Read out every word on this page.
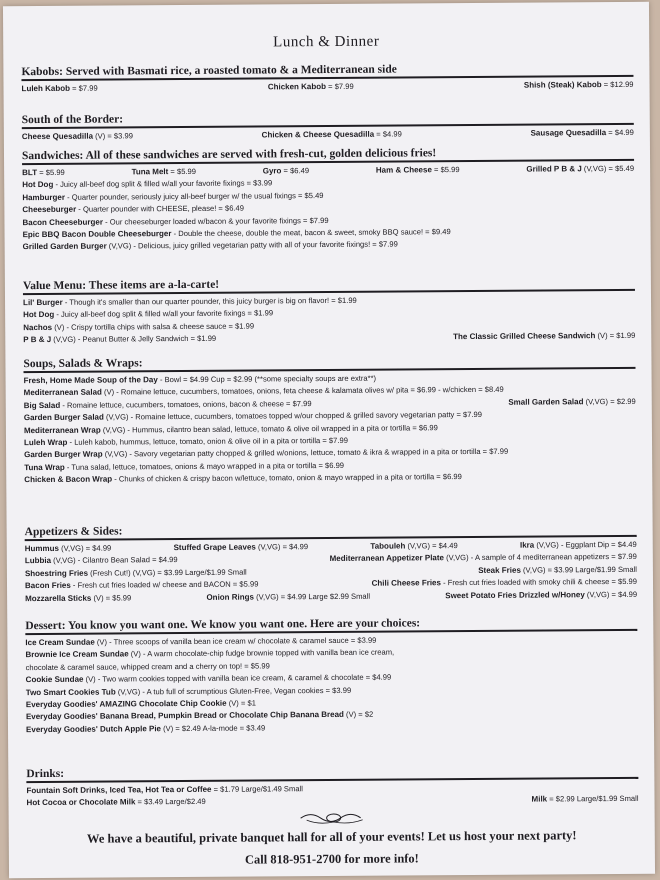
Lunch & Dinner
Kabobs: Served with Basmati rice, a roasted tomato & a Mediterranean side
Luleh Kabob = $7.99	Chicken Kabob = $7.99	Shish (Steak) Kabob = $12.99
South of the Border:
Cheese Quesadilla (V) = $3.99	Chicken & Cheese Quesadilla = $4.99	Sausage Quesadilla = $4.99
Sandwiches: All of these sandwiches are served with fresh-cut, golden delicious fries!
BLT = $5.99	Tuna Melt = $5.99	Gyro = $6.49	Ham & Cheese = $5.99	Grilled P B & J (V,VG) = $5.49
Hot Dog - Juicy all-beef dog split & filled w/all your favorite fixings = $3.99
Hamburger - Quarter pounder, seriously juicy all-beef burger w/ the usual fixings = $5.49
Cheeseburger - Quarter pounder with CHEESE, please! = $6.49
Bacon Cheeseburger - Our cheeseburger loaded w/bacon & your favorite fixings = $7.99
Epic BBQ Bacon Double Cheeseburger - Double the cheese, double the meat, bacon & sweet, smoky BBQ sauce! = $9.49
Grilled Garden Burger (V,VG) - Delicious, juicy grilled vegetarian patty with all of your favorite fixings! = $7.99
Value Menu: These items are a-la-carte!
Lil' Burger - Though it's smaller than our quarter pounder, this juicy burger is big on flavor! = $1.99
Hot Dog - Juicy all-beef dog split & filled w/all your favorite fixings = $1.99
Nachos (V) - Crispy tortilla chips with salsa & cheese sauce = $1.99
P B & J (V,VG) - Peanut Butter & Jelly Sandwich = $1.99	The Classic Grilled Cheese Sandwich (V) = $1.99
Soups, Salads & Wraps:
Fresh, Home Made Soup of the Day - Bowl = $4.99 Cup = $2.99 (**some specialty soups are extra**)
Mediterranean Salad (V) - Romaine lettuce, cucumbers, tomatoes, onions, feta cheese & kalamata olives w/ pita = $6.99 - w/chicken = $8.49
Big Salad - Romaine lettuce, cucumbers, tomatoes, onions, bacon & cheese = $7.99	Small Garden Salad (V,VG) = $2.99
Garden Burger Salad (V,VG) - Romaine lettuce, cucumbers, tomatoes topped w/our chopped & grilled savory vegetarian patty = $7.99
Mediterranean Wrap (V,VG) - Hummus, cilantro bean salad, lettuce, tomato & olive oil wrapped in a pita or tortilla = $6.99
Luleh Wrap - Luleh kabob, hummus, lettuce, tomato, onion & olive oil in a pita or tortilla = $7.99
Garden Burger Wrap (V,VG) - Savory vegetarian patty chopped & grilled w/onions, lettuce, tomato & ikra & wrapped in a pita or tortilla = $7.99
Tuna Wrap - Tuna salad, lettuce, tomatoes, onions & mayo wrapped in a pita or tortilla = $6.99
Chicken & Bacon Wrap - Chunks of chicken & crispy bacon w/lettuce, tomato, onion & mayo wrapped in a pita or tortilla = $6.99
Appetizers & Sides:
Hummus (V,VG) = $4.99	Stuffed Grape Leaves (V,VG) = $4.99	Tabouleh (V,VG) = $4.49	Ikra (V,VG) - Eggplant Dip = $4.49
Lubbia (V,VG) - Cilantro Bean Salad = $4.99	Mediterranean Appetizer Plate (V,VG) - A sample of 4 mediterranean appetizers = $7.99
Shoestring Fries (Fresh Cut!) (V,VG) = $3.99 Large/$1.99 Small	Steak Fries (V,VG) = $3.99 Large/$1.99 Small
Bacon Fries - Fresh cut fries loaded w/ cheese and BACON = $5.99	Chili Cheese Fries - Fresh cut fries loaded with smoky chili & cheese = $5.99
Mozzarella Sticks (V) = $5.99	Onion Rings (V,VG) = $4.99 Large $2.99 Small	Sweet Potato Fries Drizzled w/Honey (V,VG) = $4.99
Dessert: You know you want one. We know you want one. Here are your choices:
Ice Cream Sundae (V) - Three scoops of vanilla bean ice cream w/ chocolate & caramel sauce = $3.99
Brownie Ice Cream Sundae (V) - A warm chocolate-chip fudge brownie topped with vanilla bean ice cream,
chocolate & caramel sauce, whipped cream and a cherry on top! = $5.99
Cookie Sundae (V) - Two warm cookies topped with vanilla bean ice cream, & caramel & chocolate = $4.99
Two Smart Cookies Tub (V,VG) - A tub full of scrumptious Gluten-Free, Vegan cookies = $3.99
Everyday Goodies' AMAZING Chocolate Chip Cookie (V) = $1
Everyday Goodies' Banana Bread, Pumpkin Bread or Chocolate Chip Banana Bread (V) = $2
Everyday Goodies' Dutch Apple Pie (V) = $2.49 A-la-mode = $3.49
Drinks:
Fountain Soft Drinks, Iced Tea, Hot Tea or Coffee = $1.79 Large/$1.49 Small
Hot Cocoa or Chocolate Milk = $3.49 Large/$2.49	Milk = $2.99 Large/$1.99 Small
We have a beautiful, private banquet hall for all of your events! Let us host your next party!
Call 818-951-2700 for more info!
